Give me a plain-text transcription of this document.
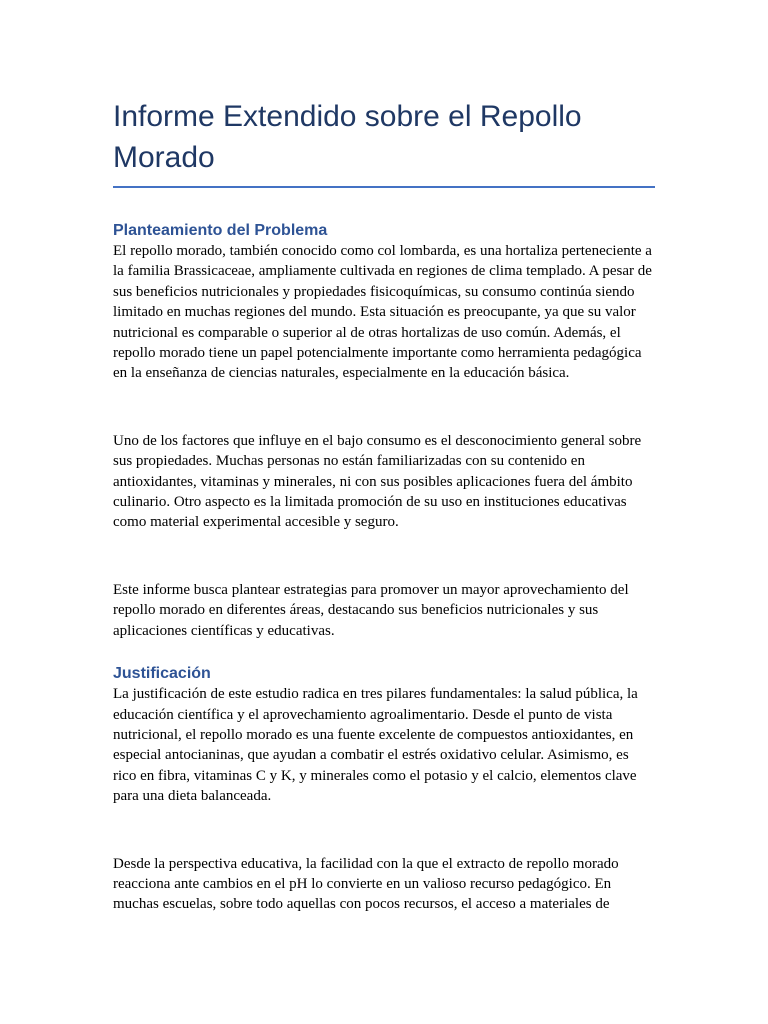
Informe Extendido sobre el Repollo Morado
Planteamiento del Problema

El repollo morado, también conocido como col lombarda, es una hortaliza perteneciente a la familia Brassicaceae, ampliamente cultivada en regiones de clima templado. A pesar de sus beneficios nutricionales y propiedades fisicoquímicas, su consumo continúa siendo limitado en muchas regiones del mundo. Esta situación es preocupante, ya que su valor nutricional es comparable o superior al de otras hortalizas de uso común. Además, el repollo morado tiene un papel potencialmente importante como herramienta pedagógica en la enseñanza de ciencias naturales, especialmente en la educación básica.

Uno de los factores que influye en el bajo consumo es el desconocimiento general sobre sus propiedades. Muchas personas no están familiarizadas con su contenido en antioxidantes, vitaminas y minerales, ni con sus posibles aplicaciones fuera del ámbito culinario. Otro aspecto es la limitada promoción de su uso en instituciones educativas como material experimental accesible y seguro.

Este informe busca plantear estrategias para promover un mayor aprovechamiento del repollo morado en diferentes áreas, destacando sus beneficios nutricionales y sus aplicaciones científicas y educativas.

Justificación

La justificación de este estudio radica en tres pilares fundamentales: la salud pública, la educación científica y el aprovechamiento agroalimentario. Desde el punto de vista nutricional, el repollo morado es una fuente excelente de compuestos antioxidantes, en especial antocianinas, que ayudan a combatir el estrés oxidativo celular. Asimismo, es rico en fibra, vitaminas C y K, y minerales como el potasio y el calcio, elementos clave para una dieta balanceada.

Desde la perspectiva educativa, la facilidad con la que el extracto de repollo morado reacciona ante cambios en el pH lo convierte en un valioso recurso pedagógico. En muchas escuelas, sobre todo aquellas con pocos recursos, el acceso a materiales de
